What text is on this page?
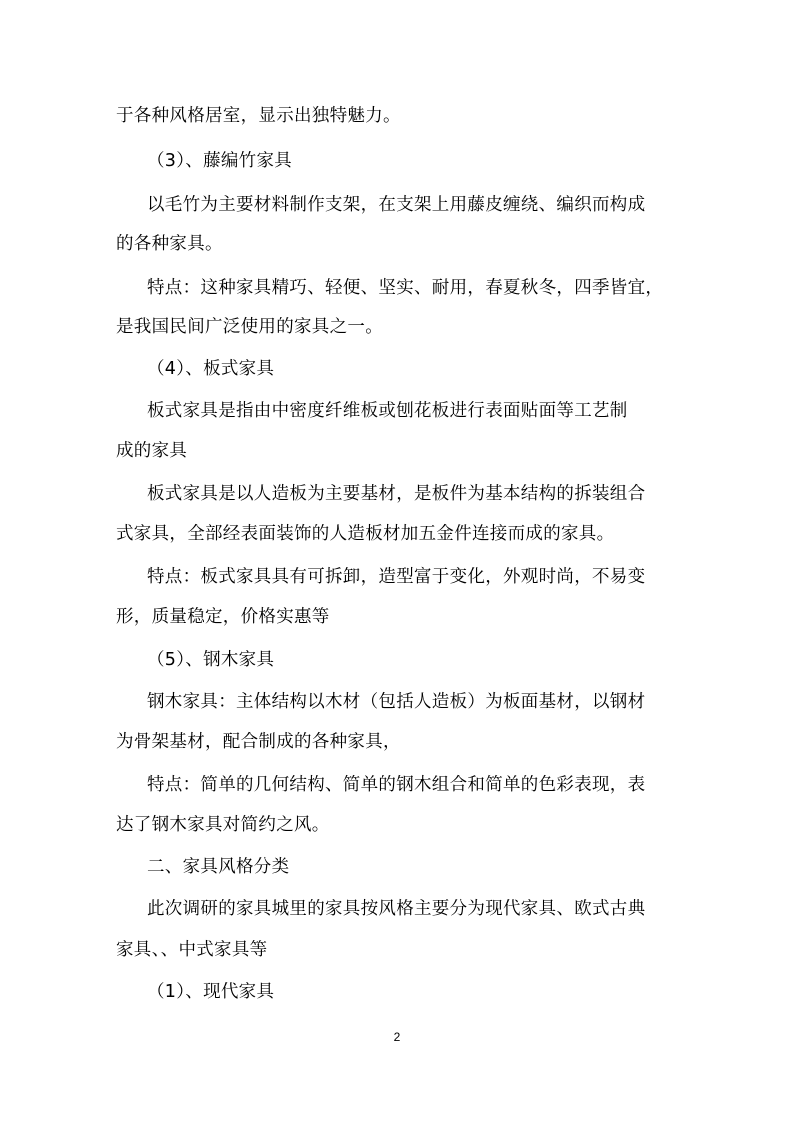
于各种风格居室，显示出独特魅力。
（3）、藤编竹家具
以毛竹为主要材料制作支架，在支架上用藤皮缠绕、编织而构成
的各种家具。
特点：这种家具精巧、轻便、坚实、耐用，春夏秋冬，四季皆宜，
是我国民间广泛使用的家具之一。
（4）、板式家具
板式家具是指由中密度纤维板或刨花板进行表面贴面等工艺制
成的家具
板式家具是以人造板为主要基材，是板件为基本结构的拆装组合
式家具，全部经表面装饰的人造板材加五金件连接而成的家具。
特点：板式家具具有可拆卸，造型富于变化，外观时尚，不易变
形，质量稳定，价格实惠等
（5）、钢木家具
钢木家具：主体结构以木材（包括人造板）为板面基材，以钢材
为骨架基材，配合制成的各种家具，
特点：简单的几何结构、简单的钢木组合和简单的色彩表现，表
达了钢木家具对简约之风。
二、家具风格分类
此次调研的家具城里的家具按风格主要分为现代家具、欧式古典
家具、、中式家具等
（1）、现代家具
2
